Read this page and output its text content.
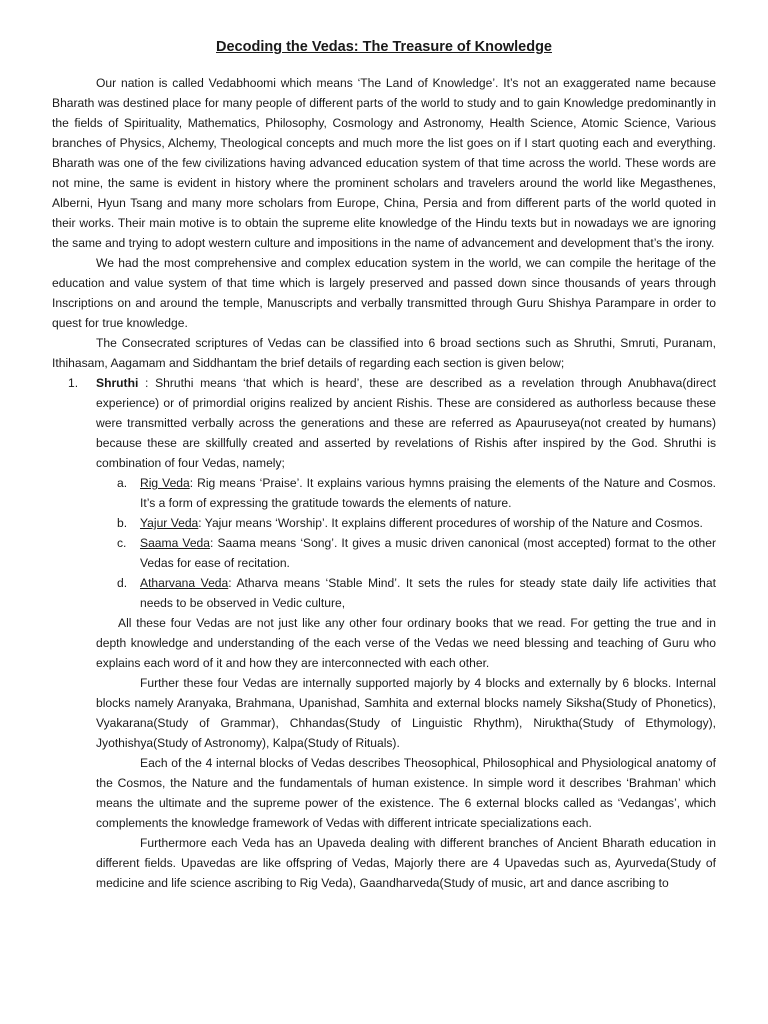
Decoding the Vedas: The Treasure of Knowledge

Our nation is called Vedabhoomi which means ‘The Land of Knowledge’. It’s not an exaggerated name because Bharath was destined place for many people of different parts of the world to study and to gain Knowledge predominantly in the fields of Spirituality, Mathematics, Philosophy, Cosmology and Astronomy, Health Science, Atomic Science, Various branches of Physics, Alchemy, Theological concepts and much more the list goes on if I start quoting each and everything. Bharath was one of the few civilizations having advanced education system of that time across the world. These words are not mine, the same is evident in history where the prominent scholars and travelers around the world like Megasthenes, Alberni, Hyun Tsang and many more scholars from Europe, China, Persia and from different parts of the world quoted in their works. Their main motive is to obtain the supreme elite knowledge of the Hindu texts but in nowadays we are ignoring the same and trying to adopt western culture and impositions in the name of advancement and development that’s the irony.

We had the most comprehensive and complex education system in the world, we can compile the heritage of the education and value system of that time which is largely preserved and passed down since thousands of years through Inscriptions on and around the temple, Manuscripts and verbally transmitted through Guru Shishya Parampare in order to quest for true knowledge.

The Consecrated scriptures of Vedas can be classified into 6 broad sections such as Shruthi, Smruti, Puranam, Ithihasam, Aagamam and Siddhantam the brief details of regarding each section is given below;

1. Shruthi : Shruthi means ‘that which is heard’, these are described as a revelation through Anubhava(direct experience) or of primordial origins realized by ancient Rishis. These are considered as authorless because these were transmitted verbally across the generations and these are referred as Apauruseya(not created by humans) because these are skillfully created and asserted by revelations of Rishis after inspired by the God. Shruthi is combination of four Vedas, namely;

a. Rig Veda: Rig means ‘Praise’. It explains various hymns praising the elements of the Nature and Cosmos. It’s a form of expressing the gratitude towards the elements of nature.

b. Yajur Veda: Yajur means ‘Worship’. It explains different procedures of worship of the Nature and Cosmos.

c. Saama Veda: Saama means ‘Song’. It gives a music driven canonical (most accepted) format to the other Vedas for ease of recitation.

d. Atharvana Veda: Atharva means ‘Stable Mind’. It sets the rules for steady state daily life activities that needs to be observed in Vedic culture,

All these four Vedas are not just like any other four ordinary books that we read. For getting the true and in depth knowledge and understanding of the each verse of the Vedas we need blessing and teaching of Guru who explains each word of it and how they are interconnected with each other.

Further these four Vedas are internally supported majorly by 4 blocks and externally by 6 blocks. Internal blocks namely Aranyaka, Brahmana, Upanishad, Samhita and external blocks namely Siksha(Study of Phonetics), Vyakarana(Study of Grammar), Chhandas(Study of Linguistic Rhythm), Niruktha(Study of Ethymology), Jyothishya(Study of Astronomy), Kalpa(Study of Rituals).

Each of the 4 internal blocks of Vedas describes Theosophical, Philosophical and Physiological anatomy of the Cosmos, the Nature and the fundamentals of human existence. In simple word it describes ‘Brahman’ which means the ultimate and the supreme power of the existence. The 6 external blocks called as ‘Vedangas’, which complements the knowledge framework of Vedas with different intricate specializations each.

Furthermore each Veda has an Upaveda dealing with different branches of Ancient Bharath education in different fields. Upavedas are like offspring of Vedas, Majorly there are 4 Upavedas such as, Ayurveda(Study of medicine and life science ascribing to Rig Veda), Gaandharveda(Study of music, art and dance ascribing to
